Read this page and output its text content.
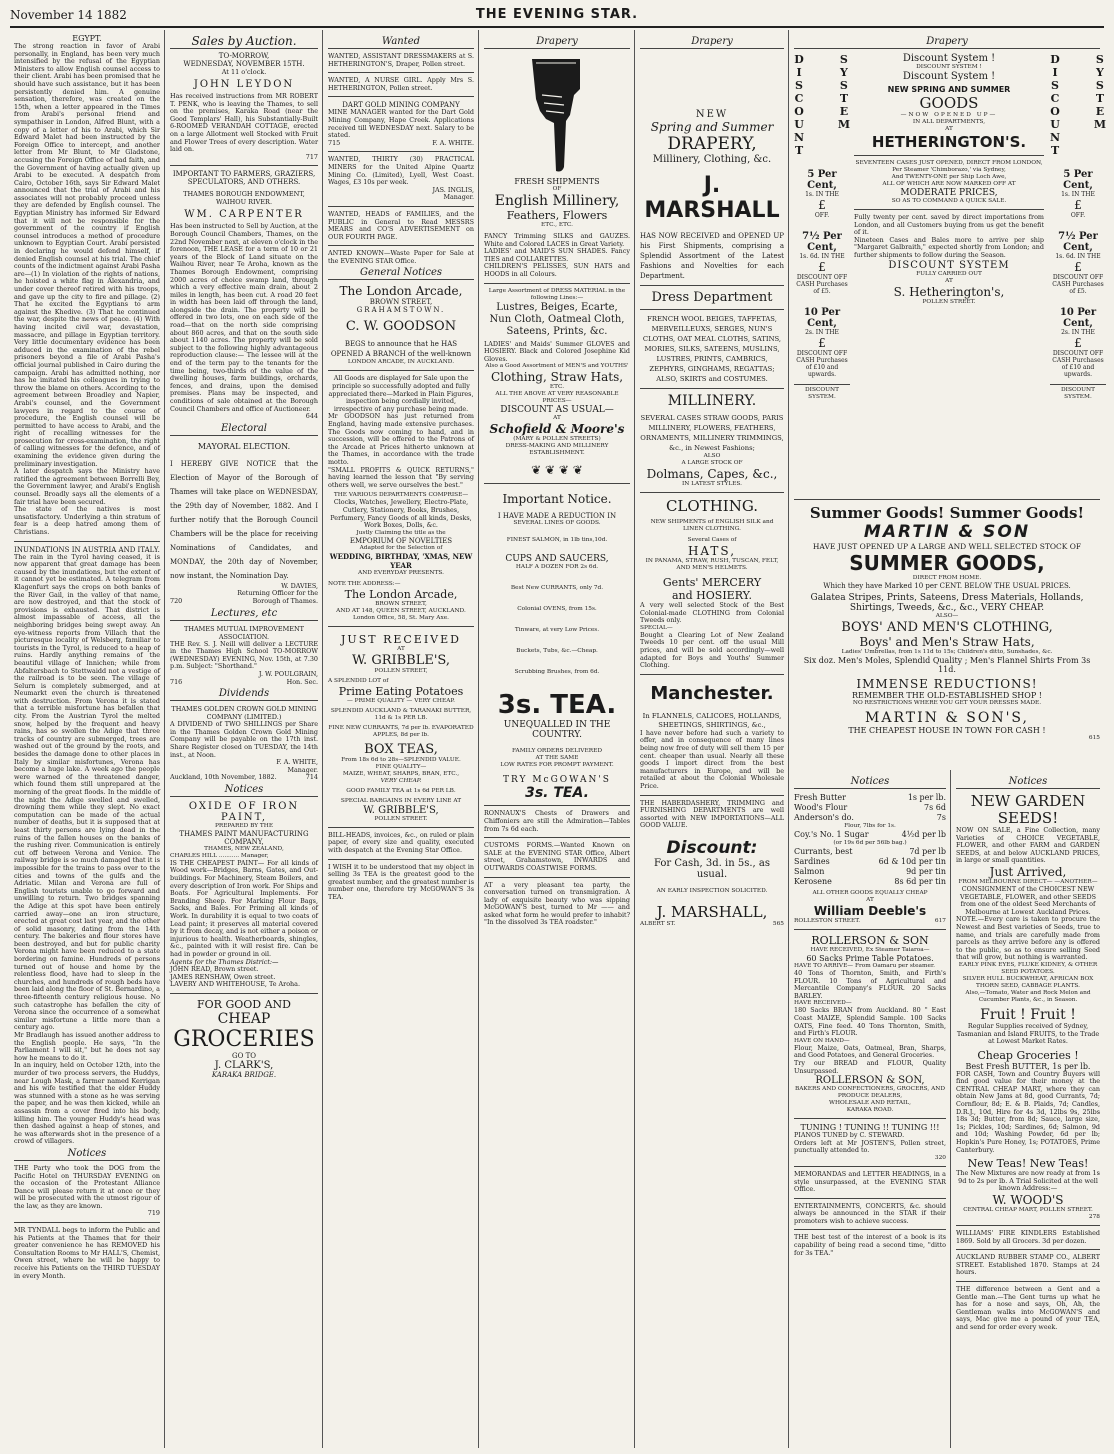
November 14 1882	THE EVENING STAR.
EGYPT.
The strong reaction in favor of Arabi personally, in England, has been very much intensified by the refusal of the Egyptian Ministers to allow English counsel access to their client. Arabi has been promised that he should have such assistance, but it has been persistently denied him. A genuine sensation, therefore, was created on the 15th, when a letter appeared in the Times from Arabi's personal friend and sympathiser in London, Alfred Blunt, with a copy of a letter of his to Arabi, which Sir Edward Malet had been instructed by the Foreign Office to intercept, and another letter from Mr Blunt, to Mr Gladstone, accusing the Foreign Office of bad faith, and the Government of having actually given up Arabi to be executed. A despatch from Cairo, October 16th, says Sir Edward Malet announced that the trial of Arabi and his associates will not probably proceed unless they are defended by English counsel. The Egyptian Ministry has informed Sir Edward that it will not be responsible for the government of the country if English counsel introduces a method of procedure unknown to Egyptian Court. Arabi persisted in declaring he would defend himself, if denied English counsel at his trial. The chief counts of the indictment against Arabi Pasha are—(1) In violation of the rights of nations, he hoisted a white flag in Alexandria, and under cover thereof retired with his troops, and gave up the city to fire and pillage. (2) That he excited the Egyptians to arm against the Khedive. (3) That he continued the war, despite the news of peace. (4) With having incited civil war, devastation, massacre, and pillage in Egyptian territory. Very little documentary evidence has been adduced in the examination of the rebel prisoners beyond a file of Arabi Pasha's official journal published in Cairo during the campaign. Arabi has admitted nothing, nor has he imitated his colleagues in trying to throw the blame on others. According to the agreement between Broadley and Napier, Arabi's counsel, and the Government lawyers in regard to the course of procedure, the English counsel will be permitted to have access to Arabi, and the right of recalling witnesses for the prosecution for cross-examination, the right of calling witnesses for the defence, and of examining the evidence given during the preliminary investigation.
A later despatch says the Ministry have ratified the agreement between Borrelli Bey, the Government lawyer, and Arabi's English counsel. Broadly says all the elements of a fair trial have been secured.
The state of the natives is most unsatisfactory. Underlying a thin stratum of fear is a deep hatred among them of Christians.
INUNDATIONS IN AUSTRIA AND ITALY.
The rain in the Tyrol having ceased, it is now apparent that great damage has been caused by the inundations, but the extent of it cannot yet be estimated. A telegram from Klagenfurt says the crops on both banks of the River Gail, in the valley of that name, are now destroyed, and that the stock of provisions is exhausted. That district is almost impassable of access, all the neighboring bridges being swept away. An eye-witness reports from Villach that the picturesque locality of Welsberg, familiar to tourists in the Tyrol, is reduced to a heap of ruins. Hardly anything remains of the beautiful village of Innichen; while from Abfaltersbach to Stettwaidd not a vestige of the railroad is to be seen. The village of Selurn is completely submerged, and at Neumarkt even the church is threatened with destruction. From Verona it is stated that a terrible misfortune has befallen that city. From the Austrian Tyrol the melted snow, helped by the frequent and heavy rains, has so swollen the Adige that three tracks of country are submerged, trees are washed out of the ground by the roots, and besides the damage done to other places in Italy by similar misfortunes, Verona has become a huge lake. A week ago the people were warned of the threatened danger, which found them still unprepared at the morning of the great floods. In the middle of the night the Adige swelled and swelled, drowning them while they slept. No exact computation can be made of the actual number of deaths, but it is supposed that at least thirty persons are lying dead in the ruins of the fallen houses on the banks of the rushing river. Communication is entirely cut off between Verona and Venice. The railway bridge is so much damaged that it is impossible for the trains to pass over to the cities and towns of the gulfs and the Adriatic. Milan and Verona are full of English tourists unable to go forward and unwilling to return. Two bridges spanning the Adige at this spot have been entirely carried away—one an iron structure, erected at great cost last year, and the other of solid masonry, dating from the 14th century. The bakeries and flour stores have been destroyed, and but for public charity Verona might have been reduced to a state bordering on famine. Hundreds of persons turned out of house and home by the relentless flood, have had to sleep in the churches, and hundreds of rough beds have been laid along the floor of St. Bernardino, a three-fifteenth century religious house. No such catastrophe has befallen the city of Verona since the occurrence of a somewhat similar misfortune a little more than a century ago.
Mr Bradlaugh has issued another address to the English people. He says, "In the Parliament I will sit," but he does not say how he means to do it.
In an inquiry, held on October 12th, into the murder of two process servers, the Huddys, near Lough Mask, a farmer named Kerrigan and his wife testified that the elder Huddy was stunned with a stone as he was serving the paper, and he was then kicked, while an assassin from a cover fired into his body, killing him. The younger Huddy's head was then dashed against a heap of stones, and he was afterwards shot in the presence of a crowd of villagers.
Notices
THE Party who took the DOG from the Pacific Hotel on THURSDAY EVENING on the occasion of the Protestant Alliance Dance will please return it at once or they will be prosecuted with the utmost rigour of the law, as they are known.
719
MR TYNDALL begs to inform the Public and his Patients at the Thames that for their greater convenience he has REMOVED his Consultation Rooms to Mr HALL'S, Chemist, Owen street, where he will be happy to receive his Patients on the THIRD TUESDAY in every Month.
Sales by Auction.
TO-MORROW,
WEDNESDAY, NOVEMBER 15TH.
At 11 o'clock.
JOHN LEYDON
Has received instructions from MR ROBERT T. PENK, who is leaving the Thames, to sell on the premises, Karaka Road (near the Good Templars' Hall), his Substantially-Built 6-ROOMED VERANDAH COTTAGE, erected on a large Allotment well Stocked with Fruit and Flower Trees of every description. Water laid on.
717
IMPORTANT TO FARMERS, GRAZIERS, SPECULATORS, AND OTHERS.
THAMES BOROUGH ENDOWMENT, WAIHOU RIVER.
WM. CARPENTER
Has been instructed to Sell by Auction, at the Borough Council Chambers, Thames, on the 22nd November next, at eleven o'clock in the forenoon, THE LEASE for a term of 10 or 21 years of the Block of Land situate on the Waihou River, near Te Aroha, known as the Thames Borough Endowment, comprising 2000 acres of choice swamp land, through which a very effective main drain, about 2 miles in length, has been cut. A road 20 feet in width has been laid off through the land, alongside the drain. The property will be offered in two lots, one on each side of the road—that on the north side comprising about 860 acres, and that on the south side about 1140 acres. The property will be sold subject to the following highly advantageous reproduction clause:— The lessee will at the end of the term pay to the tenants for the time being, two-thirds of the value of the dwelling houses, farm buildings, orchards, fences, and drains, upon the demised premises. Plans may be inspected, and conditions of sale obtained at the Borough Council Chambers and office of Auctioneer.
644
Electoral
MAYORAL ELECTION.
I HEREBY GIVE NOTICE that the Election of Mayor of the Borough of Thames will take place on WEDNESDAY, the 29th day of November, 1882. And I further notify that the Borough Council Chambers will be the place for receiving Nominations of Candidates, and MONDAY, the 20th day of November, now instant, the Nomination Day.
W. DAVIES,
Returning Officer for the
720	Borough of Thames.
Lectures, etc
THAMES MUTUAL IMPROVEMENT ASSOCIATION.
THE Rev. S. J. Neill will deliver a LECTURE in the Thames High School TO-MORROW (WEDNESDAY) EVENING, Nov. 15th, at 7.30 p.m. Subject: "Shorthand."
J. W. POULGRAIN,
716	Hon. Sec.
Dividends
THAMES GOLDEN CROWN GOLD MINING COMPANY (LIMITED.)
A DIVIDEND of TWO SHILLINGS per Share in the Thames Golden Crown Gold Mining Company will be payable on the 17th inst. Share Register closed on TUESDAY, the 14th inst., at Noon.
F. A. WHITE,
Manager.
Auckland, 10th November, 1882.	714
Notices
OXIDE OF IRON PAINT,
PREPARED BY THE
THAMES PAINT MANUFACTURING COMPANY,
THAMES, NEW ZEALAND,
CHARLES HILL ........... Manager,
IS THE CHEAPEST PAINT— For all kinds of Wood work—Bridges, Barns, Gates, and Out-buildings. For Machinery, Steam Boilers, and every description of Iron work. For Ships and Boats. For Agricultural Implements. For Branding Sheep. For Marking Flour Bags, Sacks, and Bales. For Priming all kinds of Work. In durability it is equal to two coats of Lead paint; it preserves all material covered by it from decay, and is not either a poison or injurious to health. Weatherboards, shingles, &c., painted with it will resist fire. Can be had in powder or ground in oil.
Agents for the Thames District:—
JOHN READ, Brown street.
JAMES RENSHAW, Owen street.
LAVERY AND WHITEHOUSE, Te Aroha.
FOR GOOD AND
CHEAP
GROCERIES
GO TO
J. CLARK'S,
KARAKA BRIDGE.
Wanted
WANTED, ASSISTANT DRESSMAKERS at S. HETHERINGTON'S, Draper, Pollen street.
WANTED, A NURSE GIRL. Apply Mrs S. HETHERINGTON, Pollen street.
DART GOLD MINING COMPANY
MINE MANAGER wanted for the Dart Gold Mining Company, Hape Creek. Applications received till WEDNESDAY next. Salary to be stated.
715	F. A. WHITE.
WANTED, THIRTY (30) PRACTICAL MINERS for the United Alpine Quartz Mining Co. (Limited), Lyell, West Coast. Wages, £3 10s per week.
JAS. INGLIS,
Manager.
WANTED, HEADS of FAMILIES, and the PUBLIC in General to Read MESSRS MEARS and CO'S ADVERTISEMENT on OUR FOURTH PAGE.
ANTED KNOWN—Waste Paper for Sale at the EVENING STAR Office.
General Notices
The London Arcade,
BROWN STREET,
GRAHAMSTOWN.
C. W. GOODSON
BEGS to announce that he HAS OPENED A BRANCH of the well-known
LONDON ARCADE, IN AUCKLAND.
All Goods are displayed for Sale upon the principle so successfully adopted and fully appreciated there—Marked in Plain Figures, inspection being cordially invited, irrespective of any purchase being made.
Mr GOODSON has just returned from England, having made extensive purchases. The Goods now coming to hand, and in succession, will be offered to the Patrons of the Arcade at Prices hitherto unknown at the Thames, in accordance with the trade motto.
"SMALL PROFITS & QUICK RETURNS," having learned the lesson that "By serving others well, we serve ourselves the best."
THE VARIOUS DEPARTMENTS COMPRISE—
Clocks, Watches, Jewellery, Electro-Plate, Cutlery, Stationery, Books, Brushes, Perfumery, Fancy Goods of all kinds, Desks, Work Boxes, Dolls, &c.
Justly Claiming the title as the
EMPORIUM OF NOVELTIES
Adapted for the Selection of
WEDDING, BIRTHDAY, 'XMAS, NEW YEAR
AND EVERYDAY PRESENTS.
NOTE THE ADDRESS:—
The London Arcade,
BROWN STREET,
AND AT 148, QUEEN STREET, AUCKLAND.
London Office, 58, St. Mary Axe.
JUST RECEIVED
AT
W. GRIBBLE'S,
POLLEN STREET,
A SPLENDID LOT of
Prime Eating Potatoes
— PRIME QUALITY — VERY CHEAP.
SPLENDID AUCKLAND & TARANAKI BUTTER, 11d & 1s PER LB.
FINE NEW CURRANTS, 7d per lb. EVAPORATED APPLES, 8d per lb.
BOX TEAS,
From 18s 6d to 28s—SPLENDID VALUE.
FINE QUALITY—
MAIZE, WHEAT, SHARPS, BRAN, ETC.,
VERY CHEAP.
GOOD FAMILY TEA at 1s 6d PER LB.
SPECIAL BARGAINS IN EVERY LINE AT
W. GRIBBLE'S,
POLLEN STREET.
BILL-HEADS, invoices, &c., on ruled or plain paper, of every size and quality, executed with despatch at the Evening Star Office.
I WISH it to be understood that my object in selling 3s TEA is the greatest good to the greatest number, and the greatest number is number one, therefore try McGOWAN'S 3s TEA.
Drapery
FRESH SHIPMENTS
OF
English Millinery,
Feathers, Flowers
ETC., ETC.
FANCY Trimming SILKS and GAUZES. White and Colored LACES in Great Variety.
LADIES' and MAID'S SUN SHADES. Fancy TIES and COLLARETTES.
CHILDREN'S PELISSES, SUN HATS and HOODS in all Colours.
Large Assortment of DRESS MATERIAL in the following Lines:—
Lustres, Beiges, Ecarte, Nun Cloth, Oatmeal Cloth, Sateens, Prints, &c.
LADIES' and Maids' Summer GLOVES and HOSIERY. Black and Colored Josephine Kid Gloves.
Also a Good Assortment of MEN'S and YOUTHS'
Clothing, Straw Hats,
ETC.
ALL THE ABOVE AT VERY REASONABLE PRICES—
DISCOUNT AS USUAL—
AT
Schofield & Moore's
(MARY & POLLEN STREETS)
DRESS-MAKING AND MILLINERY ESTABLISHMENT.
❦ ❦ ❦ ❦
Important Notice.
I HAVE MADE A REDUCTION IN
SEVERAL LINES OF GOODS.
FINEST SALMON, in 1lb tins,10d.
CUPS AND SAUCERS,
HALF A DOZEN FOR 2s 6d.
Best New CURRANTS, only 7d.
Colonial OVENS, from 15s.
Tinware, at very Low Prices.
Buckets, Tubs, &c.—Cheap.
Scrubbing Brushes, from 6d.
3s. TEA.
UNEQUALLED IN THE COUNTRY.
FAMILY ORDERS DELIVERED
AT THE SAME
LOW RATES FOR PROMPT PAYMENT.
TRY McGOWAN'S
3s. TEA.
RONNAUX'S Chests of Drawers and Chiffoniers are still the Admiration—Tables from 7s 6d each.
CUSTOMS FORMS.—Wanted Known on SALE at the EVENING STAR Office, Albert street, Grahamstown, INWARDS and OUTWARDS COASTWISE FORMS.
AT a very pleasant tea party, the conversation turned on transmigration. A lady of exquisite beauty who was sipping McGOWAN'S best, turned to Mr —— and asked what form he would prefer to inhabit? "In the dissolved 3s TEA roadster."
Drapery
NEW
Spring and Summer
DRAPERY,
Millinery, Clothing, &c.
J. MARSHALL
HAS NOW RECEIVED and OPENED UP his First Shipments, comprising a Splendid Assortment of the Latest Fashions and Novelties for each Department.
Dress Department
FRENCH WOOL BEIGES, TAFFETAS, MERVEILLEUXS, SERGES, NUN'S CLOTHS, OAT MEAL CLOTHS, SATINS, MORIES, SILKS, SATEENS, MUSLINS, LUSTRES, PRINTS, CAMBRICS, ZEPHYRS, GINGHAMS, REGATTAS; ALSO, SKIRTS and COSTUMES.
MILLINERY.
SEVERAL CASES STRAW GOODS, PARIS MILLINERY, FLOWERS, FEATHERS, ORNAMENTS, MILLINERY TRIMMINGS, &c., in Newest Fashions;
ALSO
A LARGE STOCK OF
Dolmans, Capes, &c.,
IN LATEST STYLES.
CLOTHING.
NEW SHIPMENTS of ENGLISH SILK and LINEN CLOTHING.
Several Cases of
HATS,
IN PANAMA, STRAW, RUSH, TUSCAN, FELT, AND MEN'S HELMETS.
Gents' MERCERY
and HOSIERY.
A very well selected Stock of the Best Colonial-made CLOTHING from Colonial Tweeds only.
SPECIAL—
Bought a Clearing Lot of New Zealand Tweeds 10 per cent. off the usual Mill prices, and will be sold accordingly—well adapted for Boys and Youths' Summer Clothing.
Manchester.
In FLANNELS, CALICOES, HOLLANDS, SHEETINGS, SHIRTINGS, &c.,
I have never before had such a variety to offer, and in consequence of many lines being now free of duty will sell them 15 per cent. cheaper than usual. Nearly all these goods I import direct from the best manufacturers in Europe, and will be retailed at about the Colonial Wholesale Price.
THE HABERDASHERY, TRIMMING and FURNISHING DEPARTMENTS are well assorted with NEW IMPORTATIONS—ALL GOOD VALUE.
Discount:
For Cash, 3d. in 5s., as usual.
AN EARLY INSPECTION SOLICITED.
J. MARSHALL,
ALBERT ST.	565
Drapery
D
I
S
C
O
U
N
T
S
Y
S
T
E
M
5 Per Cent,
1s. IN THE
£
OFF.
7½ Per Cent,
1s. 6d. IN THE
£
DISCOUNT OFF CASH Purchases of £5.
10 Per Cent,
2s. IN THE
£
DISCOUNT OFF CASH Purchases of £10 and upwards.
DISCOUNT SYSTEM.
Discount System !
DISCOUNT SYSTEM !
Discount System !
NEW SPRING AND SUMMER
GOODS
—NOW OPENED UP—
IN ALL DEPARTMENTS,
AT
HETHERINGTON'S.
SEVENTEEN CASES JUST OPENED, DIRECT FROM LONDON,
Per Steamer 'Chimborazo,' via Sydney,
And TWENTY-ONE per Ship Loch Awe,
ALL OF WHICH ARE NOW MARKED OFF AT
MODERATE PRICES,
SO AS TO COMMAND A QUICK SALE.
Fully twenty per cent. saved by direct importations from London, and all Customers buying from us get the benefit of it.
Nineteen Cases and Bales more to arrive per ship "Margaret Galbraith," expected shortly from London; and further shipments to follow during the Season.
DISCOUNT SYSTEM
FULLY CARRIED OUT
AT
S. Hetherington's,
POLLEN STREET.
D
I
S
C
O
U
N
T
S
Y
S
T
E
M
5 Per Cent,
1s. IN THE
£
OFF.
7½ Per Cent,
1s. 6d. IN THE
£
DISCOUNT OFF CASH Purchases of £5.
10 Per Cent,
2s. IN THE
£
DISCOUNT OFF CASH Purchases of £10 and upwards.
DISCOUNT SYSTEM.
Summer Goods! Summer Goods!
MARTIN & SON
HAVE JUST OPENED UP A LARGE AND WELL SELECTED STOCK OF
SUMMER GOODS,
DIRECT FROM HOME.
Which they have Marked 10 per CENT. BELOW THE USUAL PRICES.
Galatea Stripes, Prints, Sateens, Dress Materials, Hollands, Shirtings, Tweeds, &c., &c., VERY CHEAP.
ALSO—
BOYS' AND MEN'S CLOTHING,
Boys' and Men's Straw Hats,
Ladies' Umbrellas, from 1s 11d to 15s; Children's ditto, Sunshades, &c.
Six doz. Men's Moles, Splendid Quality ; Men's Flannel Shirts From 3s 11d.
IMMENSE REDUCTIONS!
REMEMBER THE OLD-ESTABLISHED SHOP !
NO RESTRICTIONS WHERE YOU GET YOUR DRESSES MADE.
MARTIN & SON'S,
THE CHEAPEST HOUSE IN TOWN FOR CASH !
615
Notices
Fresh Butter	1s per lb.
Wood's Flour	7s 6d
Anderson's do.	7s
Flour, 7lbs for 1s.
Coy.'s No. 1 Sugar	4½d per lb
(or 19s 6d per 56lb bag.)
Currants, best	7d per lb
Sardines	6d & 10d per tin
Salmon	9d per tin
Kerosene	8s 6d per tin
ALL OTHER GOODS EQUALLY CHEAP
AT
William Deeble's
ROLLESTON STREET.	617
ROLLERSON & SON
HAVE RECEIVED, Ex Steamer Taiaroa—
60 Sacks Prime Table Potatoes.
HAVE TO ARRIVE— From Oamaru per steamer.
40 Tons of Thornton, Smith, and Firth's FLOUR. 10 Tons of Agricultural and Mercantile Company's FLOUR. 20 Sacks BARLEY.
HAVE RECEIVED—
180 Sacks BRAN from Auckland. 80 " East Coast MAIZE, Splendid Sample. 100 Sacks OATS, Fine feed. 40 Tons Thornton, Smith, and Firth's FLOUR.
HAVE ON HAND—
Flour, Maize, Oats, Oatmeal, Bran, Sharps, and Good Potatoes, and General Groceries.
Try our BREAD and FLOUR, Quality Unsurpassed.
ROLLERSON & SON,
BAKERS AND CONFECTIONERS, GROCERS, AND PRODUCE DEALERS,
WHOLESALE AND RETAIL,
KARAKA ROAD.
TUNING ! TUNING !! TUNING !!!
PIANOS TUNED by C. STEWARD.
Orders left at Mr JOSTEN'S, Pollen street, punctually attended to.
320
MEMORANDAS and LETTER HEADINGS, in a style unsurpassed, at the EVENING STAR Office.
ENTERTAINMENTS, CONCERTS, &c. should always be announced in the STAR if their promoters wish to achieve success.
THE best test of the interest of a book is its capability of being read a second time, "ditto for 3s TEA."
Notices
NEW GARDEN SEEDS!
NOW ON SALE, a Fine Collection, many Varieties of CHOICE VEGETABLE, FLOWER, and other FARM and GARDEN SEEDS, at and below AUCKLAND PRICES, in large or small quantities.
Just Arrived,
FROM MELBOURNE DIRECT— —ANOTHER—
CONSIGNMENT of the CHOICEST NEW VEGETABLE, FLOWER, and other SEEDS from one of the oldest Seed Merchants of Melbourne at Lowest Auckland Prices.
NOTE.—Every care is taken to procure the Newest and Best varieties of Seeds, true to name, and trials are carefully made from parcels as they arrive before any is offered to the public, so as to ensure selling Seed that will grow, but nothing is warranted.
EARLY PINK EYES, FLUKE KIDNEY, & OTHER SEED POTATOES.
SILVER HULL BUCKWHEAT, AFRICAN BOX THORN SEED, CABBAGE PLANTS.
Also,—Tomato, Water and Rock Melon and Cucumber Plants, &c., in Season.
Fruit ! Fruit !
Regular Supplies received of Sydney, Tasmanian and Island FRUITS, to the Trade at Lowest Market Rates.
Cheap Groceries !
Best Fresh BUTTER, 1s per lb.
FOR CASH, Town and Country Buyers will find good value for their money at the CENTRAL CHEAP MART, where they can obtain New Jams at 8d, good Currants, 7d; Cornflour, 8d; E. & B. Plaids, 7d; Candles, D.R.J., 10d, Hire for 4s 3d, 12lbs 9s, 25lbs 18s 3d; Butter, from 8d; Sauce, large size, 1s; Pickles, 10d; Sardines, 6d; Salmon, 9d and 10d; Washing Powder, 6d per lb; Hopkin's Pure Honey, 1s; POTATOES, Prime Canterbury.
New Teas! New Teas!
The New Mixtures are now ready at from 1s 9d to 2s per lb. A Trial Solicited at the well known Address:—
W. WOOD'S
CENTRAL CHEAP MART, POLLEN STREET.
278
WILLIAMS' FIRE KINDLERS Established 1869. Sold by all Grocers. 3d per dozen.
AUCKLAND RUBBER STAMP CO., ALBERT STREET. Established 1870. Stamps at 24 hours.
THE difference between a Gent and a Gentle man.—The Gent turns up what he has for a nose and says, Oh, Ah, the Gentleman walks into McGOWAN'S and says, Mac give me a pound of your TEA, and send for order every week.
